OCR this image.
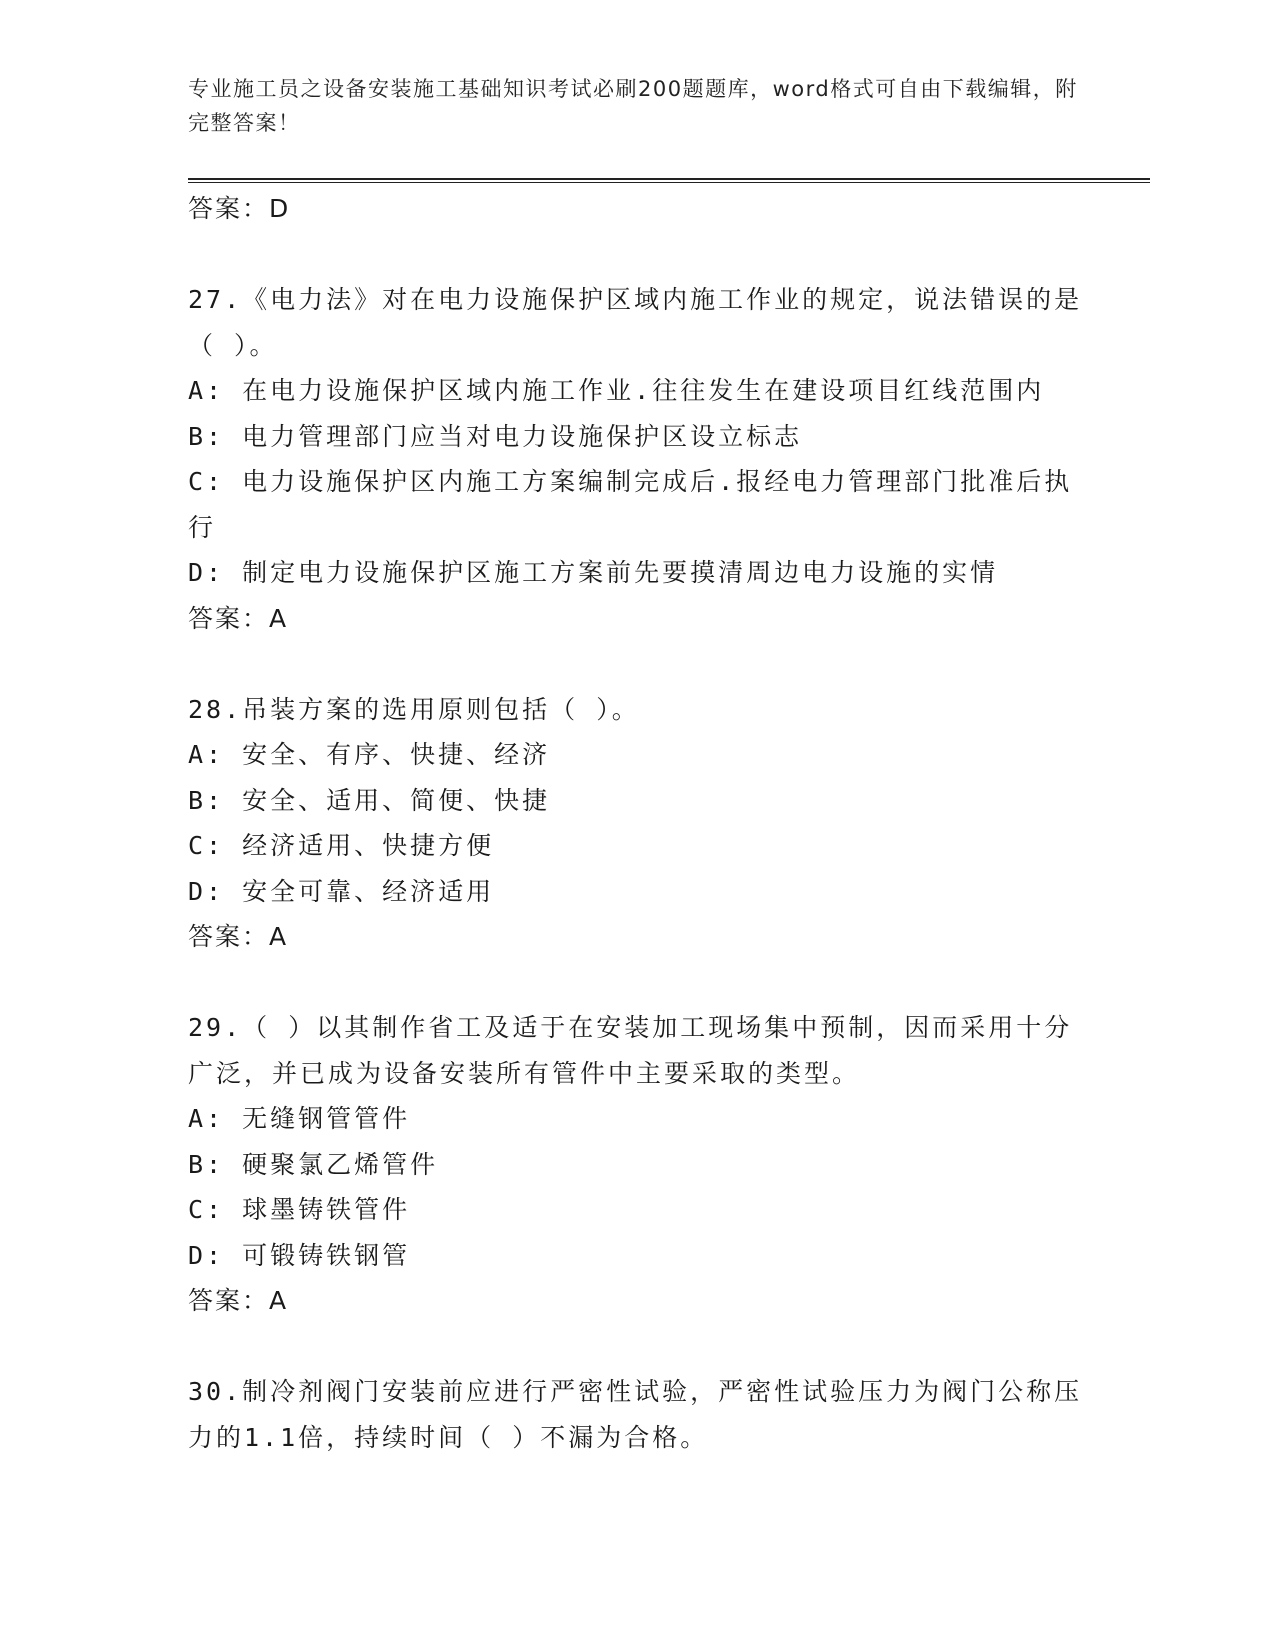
专业施工员之设备安装施工基础知识考试必刷200题题库，word格式可自由下载编辑，附完整答案！

答案：D

27.《电力法》对在电力设施保护区域内施工作业的规定，说法错误的是（ ）。

A: 在电力设施保护区域内施工作业.往往发生在建设项目红线范围内

B: 电力管理部门应当对电力设施保护区设立标志

C: 电力设施保护区内施工方案编制完成后.报经电力管理部门批准后执行

D: 制定电力设施保护区施工方案前先要摸清周边电力设施的实情

答案：A

28.吊装方案的选用原则包括（ ）。

A: 安全、有序、快捷、经济

B: 安全、适用、简便、快捷

C: 经济适用、快捷方便

D: 安全可靠、经济适用

答案：A

29.（ ）以其制作省工及适于在安装加工现场集中预制，因而采用十分广泛，并已成为设备安装所有管件中主要采取的类型。

A: 无缝钢管管件

B: 硬聚氯乙烯管件

C: 球墨铸铁管件

D: 可锻铸铁钢管

答案：A

30.制冷剂阀门安装前应进行严密性试验，严密性试验压力为阀门公称压力的1.1倍，持续时间（ ）不漏为合格。
